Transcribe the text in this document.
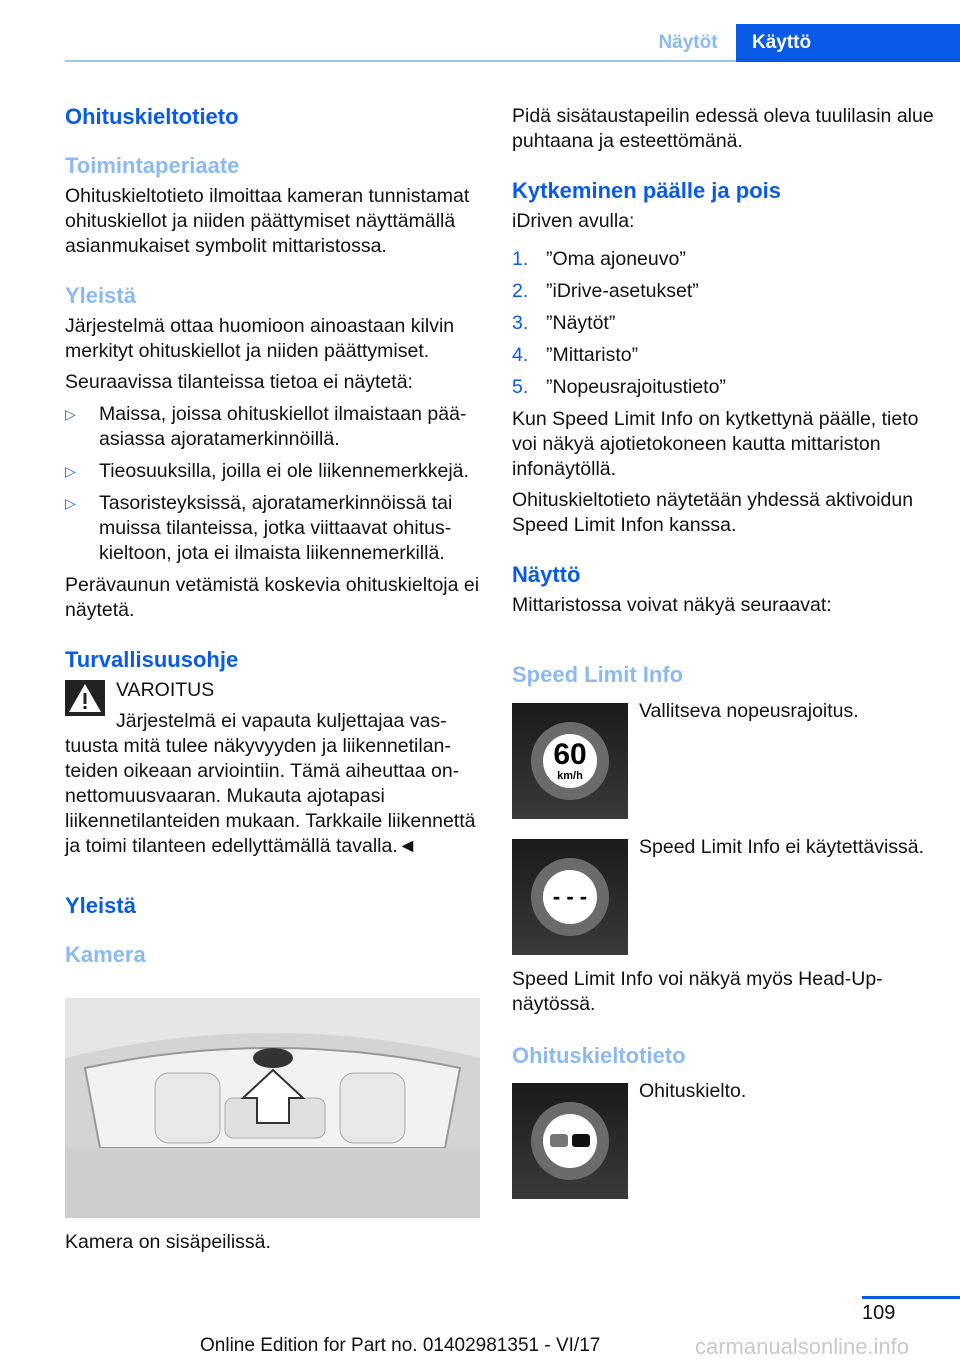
Näytöt	Käyttö
Ohituskieltotieto
Toimintaperiaate

Ohituskieltotieto ilmoittaa kameran tunnistamat ohituskiellot ja niiden päättymiset näyttämällä asianmukaiset symbolit mittaristossa.

Yleistä

Järjestelmä ottaa huomioon ainoastaan kilvin merkityt ohituskiellot ja niiden päättymiset.

Seuraavissa tilanteissa tietoa ei näytetä:

▷ Maissa, joissa ohituskiellot ilmaistaan pääasiassa ajoratamerkinnöillä.
▷ Tieosuuksilla, joilla ei ole liikennemerkkejä.
▷ Tasoristeyksissä, ajoratamerkinnöissä tai muissa tilanteissa, jotka viittaavat ohituskieltoon, jota ei ilmaista liikennemerkillä.

Perävaunun vetämistä koskevia ohituskieltoja ei näytetä.

Turvallisuusohje
VAROITUS

Järjestelmä ei vapauta kuljettajaa vastuusta mitä tulee näkyvyyden ja liikennetilanteiden oikeaan arviointiin. Tämä aiheuttaa onnettomuusvaaran. Mukauta ajotapasi liikennetilanteiden mukaan. Tarkkaile liikennettä ja toimi tilanteen edellyttämällä tavalla.◄

Yleistä
Kamera

Kamera on sisäpeilissä.

Pidä sisätaustapeilin edessä oleva tuulilasin alue puhtaana ja esteettömänä.

Kytkeminen päälle ja pois

iDriven avulla:

1. ”Oma ajoneuvo”
2. ”iDrive-asetukset”
3. ”Näytöt”
4. ”Mittaristo”
5. ”Nopeusrajoitustieto”

Kun Speed Limit Info on kytkettynä päälle, tieto voi näkyä ajotietokoneen kautta mittariston infonäytöllä.

Ohituskieltotieto näytetään yhdessä aktivoidun Speed Limit Infon kanssa.

Näyttö

Mittaristossa voivat näkyä seuraavat:

Speed Limit Info
60
km/h

Vallitseva nopeusrajoitus.

- - -

Speed Limit Info ei käytettävissä.

Speed Limit Info voi näkyä myös Head-Up-näytössä.

Ohituskieltotieto

Ohituskielto.

109
Online Edition for Part no. 01402981351 - VI/17	carmanualsonline.info
